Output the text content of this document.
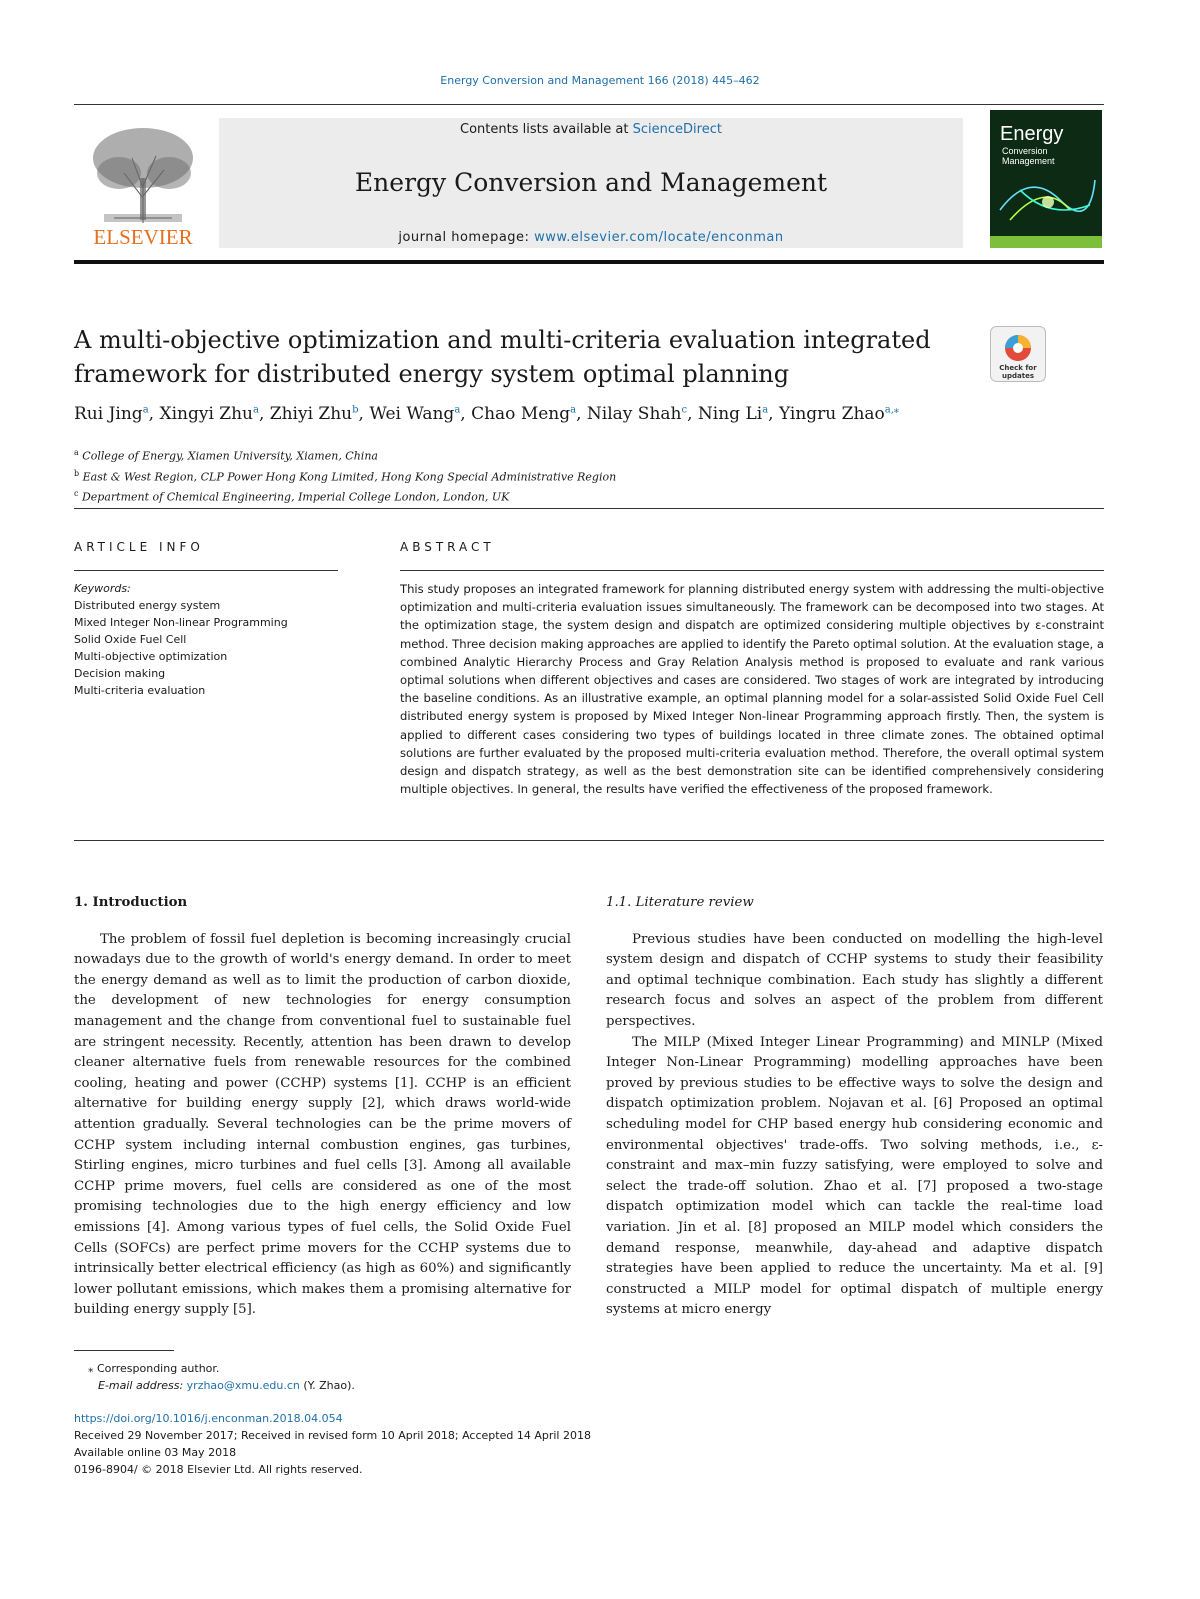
Energy Conversion and Management 166 (2018) 445–462
ELSEVIER
Contents lists available at ScienceDirect
Energy Conversion and Management
journal homepage: www.elsevier.com/locate/enconman
Energy
Conversion
Management
A multi-objective optimization and multi-criteria evaluation integrated framework for distributed energy system optimal planning	Check for
updates
Rui Jing$^a$, Xingyi Zhu$^a$, Zhiyi Zhu$^b$, Wei Wang$^a$, Chao Meng$^a$, Nilay Shah$^c$, Ning Li$^a$, Yingru Zhao$^{a,⁎}$
$^a$ College of Energy, Xiamen University, Xiamen, China
$^b$ East & West Region, CLP Power Hong Kong Limited, Hong Kong Special Administrative Region
$^c$ Department of Chemical Engineering, Imperial College London, London, UK
ARTICLE INFO	ABSTRACT
Keywords:
Distributed energy system
Mixed Integer Non-linear Programming
Solid Oxide Fuel Cell
Multi-objective optimization
Decision making
Multi-criteria evaluation
This study proposes an integrated framework for planning distributed energy system with addressing the multi-objective optimization and multi-criteria evaluation issues simultaneously. The framework can be decomposed into two stages. At the optimization stage, the system design and dispatch are optimized considering multiple objectives by ε-constraint method. Three decision making approaches are applied to identify the Pareto optimal solution. At the evaluation stage, a combined Analytic Hierarchy Process and Gray Relation Analysis method is proposed to evaluate and rank various optimal solutions when different objectives and cases are considered. Two stages of work are integrated by introducing the baseline conditions. As an illustrative example, an optimal planning model for a solar-assisted Solid Oxide Fuel Cell distributed energy system is proposed by Mixed Integer Non-linear Programming approach firstly. Then, the system is applied to different cases considering two types of buildings located in three climate zones. The obtained optimal solutions are further evaluated by the proposed multi-criteria evaluation method. Therefore, the overall optimal system design and dispatch strategy, as well as the best demonstration site can be identified comprehensively considering multiple objectives. In general, the results have verified the effectiveness of the proposed framework.
1. Introduction

The problem of fossil fuel depletion is becoming increasingly crucial nowadays due to the growth of world's energy demand. In order to meet the energy demand as well as to limit the production of carbon dioxide, the development of new technologies for energy consumption management and the change from conventional fuel to sustainable fuel are stringent necessity. Recently, attention has been drawn to develop cleaner alternative fuels from renewable resources for the combined cooling, heating and power (CCHP) systems [1]. CCHP is an efficient alternative for building energy supply [2], which draws world-wide attention gradually. Several technologies can be the prime movers of CCHP system including internal combustion engines, gas turbines, Stirling engines, micro turbines and fuel cells [3]. Among all available CCHP prime movers, fuel cells are considered as one of the most promising technologies due to the high energy efficiency and low emissions [4]. Among various types of fuel cells, the Solid Oxide Fuel Cells (SOFCs) are perfect prime movers for the CCHP systems due to intrinsically better electrical efficiency (as high as 60%) and significantly lower pollutant emissions, which makes them a promising alternative for building energy supply [5].

1.1. Literature review

Previous studies have been conducted on modelling the high-level system design and dispatch of CCHP systems to study their feasibility and optimal technique combination. Each study has slightly a different research focus and solves an aspect of the problem from different perspectives.

The MILP (Mixed Integer Linear Programming) and MINLP (Mixed Integer Non-Linear Programming) modelling approaches have been proved by previous studies to be effective ways to solve the design and dispatch optimization problem. Nojavan et al. [6] Proposed an optimal scheduling model for CHP based energy hub considering economic and environmental objectives' trade-offs. Two solving methods, i.e., ε-constraint and max–min fuzzy satisfying, were employed to solve and select the trade-off solution. Zhao et al. [7] proposed a two-stage dispatch optimization model which can tackle the real-time load variation. Jin et al. [8] proposed an MILP model which considers the demand response, meanwhile, day-ahead and adaptive dispatch strategies have been applied to reduce the uncertainty. Ma et al. [9] constructed a MILP model for optimal dispatch of multiple energy systems at micro energy

⁎ Corresponding author.
E-mail address: yrzhao@xmu.edu.cn (Y. Zhao).
https://doi.org/10.1016/j.enconman.2018.04.054
Received 29 November 2017; Received in revised form 10 April 2018; Accepted 14 April 2018
Available online 03 May 2018
0196-8904/ © 2018 Elsevier Ltd. All rights reserved.
